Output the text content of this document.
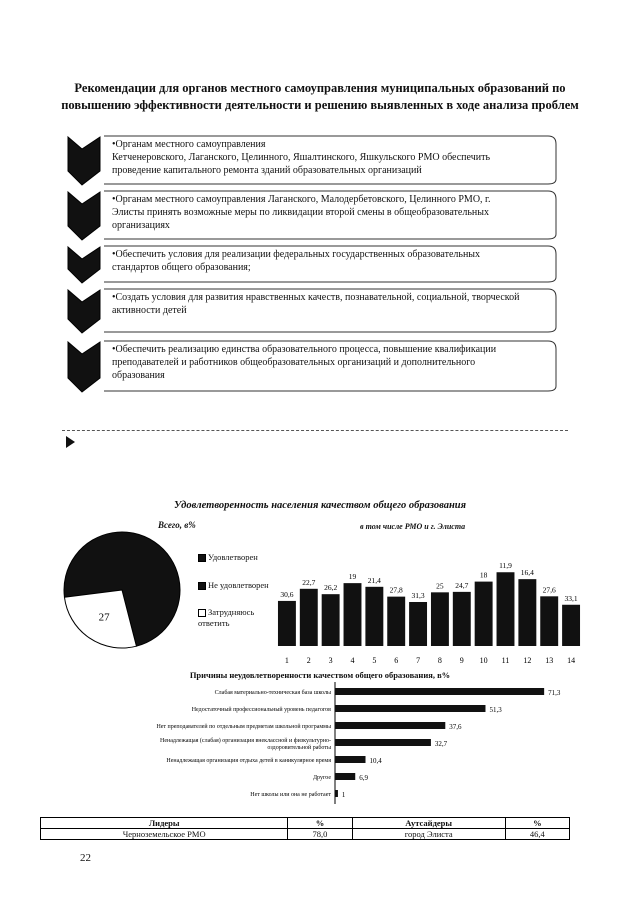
Рекомендации для органов местного самоуправления муниципальных образований по повышению эффективности деятельности и решению выявленных в ходе анализа проблем
•Органам местного самоуправления
Кетченеровского, Лаганского, Целинного, Яшалтинского, Яшкульского РМО обеспечить
проведение капитального ремонта зданий образовательных организаций
•Органам местного самоуправления Лаганского, Малодербетовского, Целинного РМО, г.
Элисты принять возможные меры по ликвидации второй смены в общеобразовательных
организациях
•Обеспечить условия для реализации федеральных государственных образовательных
стандартов общего образования;
•Создать условия для развития нравственных качеств, познавательной, социальной, творческой
активности детей
•Обеспечить реализацию единства образовательного процесса, повышение квалификации
преподавателей и работников общеобразовательных организаций и дополнительного
образования
Удовлетворенность населения качеством общего образования
Всего, в%	в том числе РМО и г. Элиста
27
Удовлетворен
Не удовлетворен
Затрудняюсь ответить
30,6
1
22,7
2
26,2
3
19
4
21,4
5
27,8
6
31,3
7
25
8
24,7
9
18
10
11,9
11
16,4
12
27,6
13
33,1
14
Причины неудовлетворенности качеством общего образования, в%
71,3
Слабая материально-техническая база школы
51,3
Недостаточный профессиональный уровень педагогов
37,6
Нет преподавателей по отдельным предметам школьной программы
32,7
Ненадлежащая (слабая) организация внеклассной и физкультурно-оздоровительной работы
10,4
Ненадлежащая организация отдыха детей в каникулярное время
6,9
Другое
1
Нет школы или она не работает
Лидеры	%	Аутсайдеры	%
Черноземельское РМО	78,0	город Элиста	46,4
22
